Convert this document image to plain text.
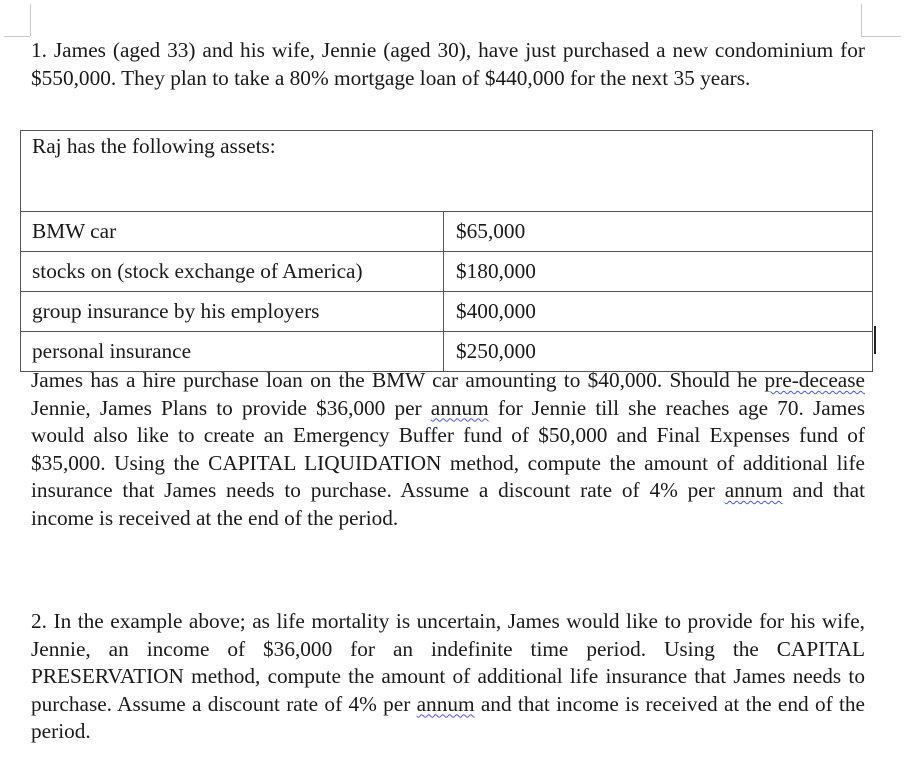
1. James (aged 33) and his wife, Jennie (aged 30), have just purchased a new condominium for $550,000. They plan to take a 80% mortgage loan of $440,000 for the next 35 years.

Raj has the following assets:	
BMW car	$65,000
stocks on (stock exchange of America)	$180,000
group insurance by his employers	$400,000
personal insurance	$250,000

James has a hire purchase loan on the BMW car amounting to $40,000. Should he pre-decease Jennie, James Plans to provide $36,000 per annum for Jennie till she reaches age 70. James would also like to create an Emergency Buffer fund of $50,000 and Final Expenses fund of $35,000. Using the CAPITAL LIQUIDATION method, compute the amount of additional life insurance that James needs to purchase. Assume a discount rate of 4% per annum and that income is received at the end of the period.

2. In the example above; as life mortality is uncertain, James would like to provide for his wife, Jennie, an income of $36,000 for an indefinite time period. Using the CAPITAL PRESERVATION method, compute the amount of additional life insurance that James needs to purchase. Assume a discount rate of 4% per annum and that income is received at the end of the period.
